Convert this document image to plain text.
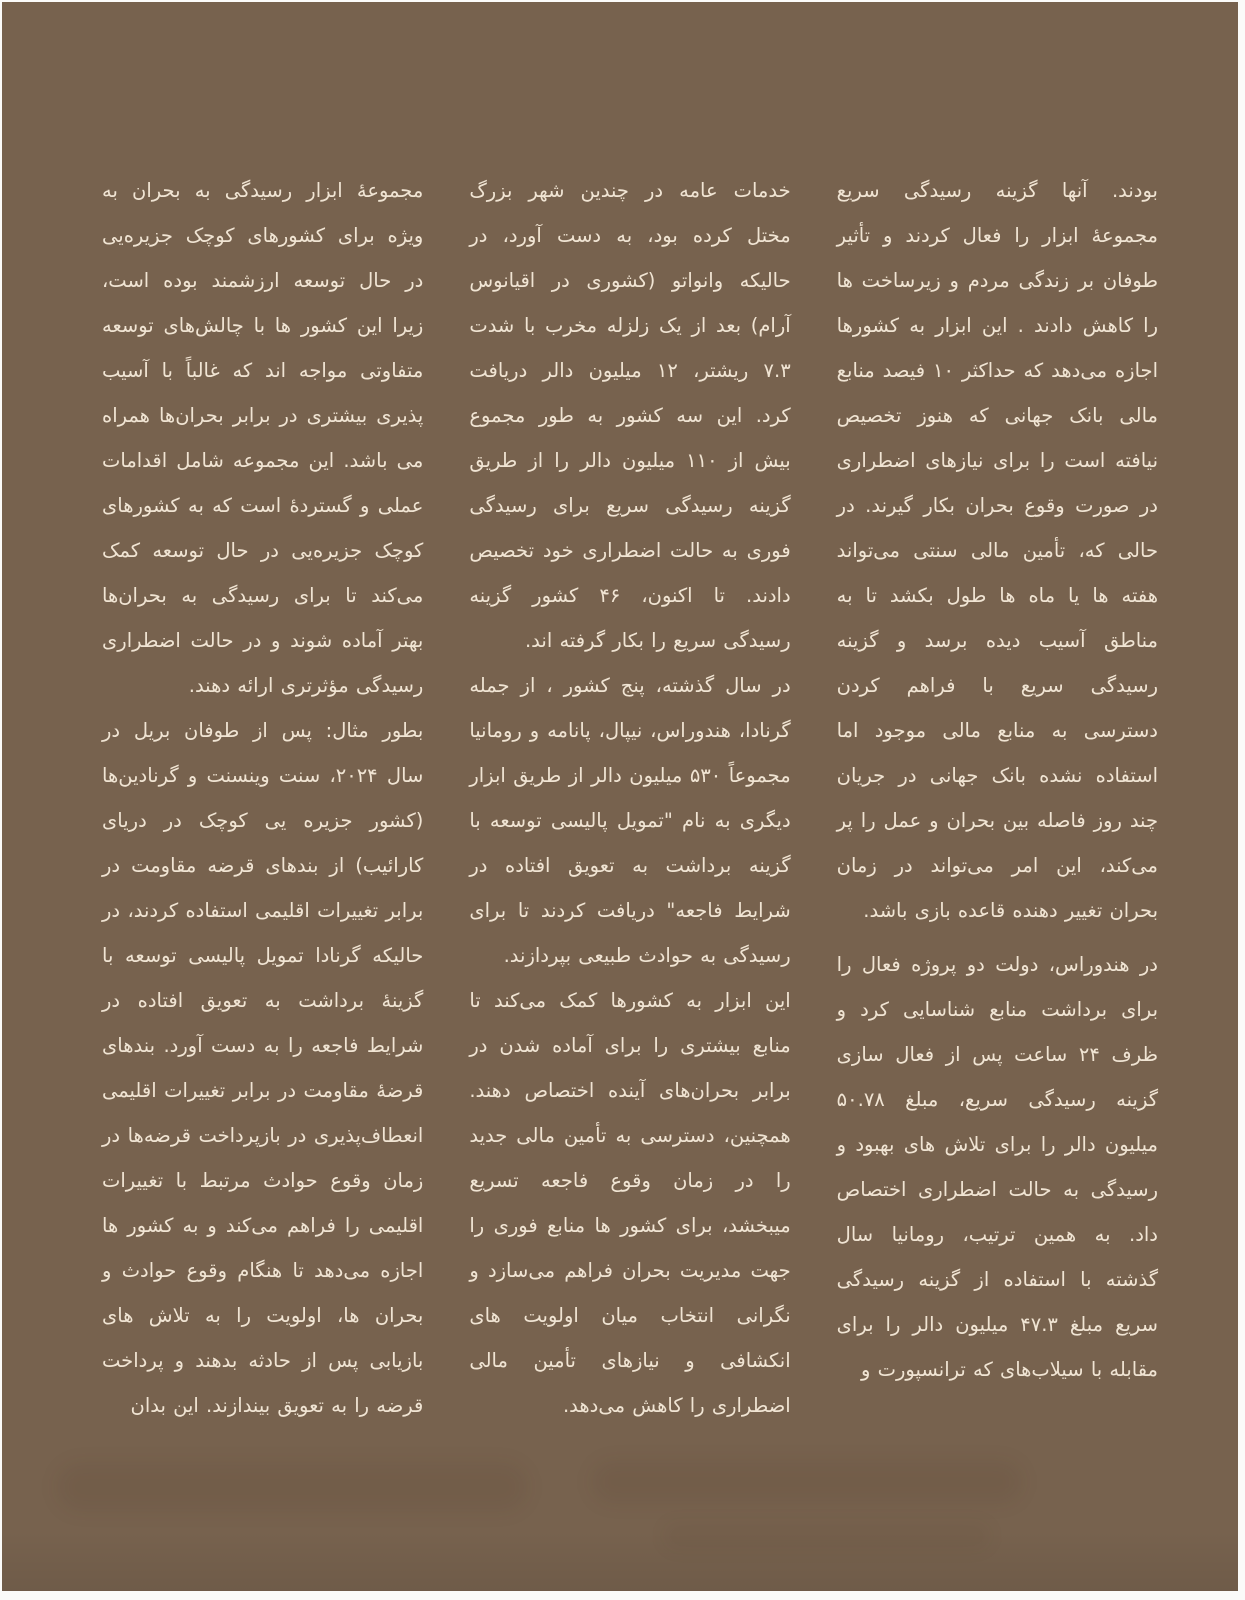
بودند. آنها گزینه رسیدگی سریع مجموعهٔ ابزار را فعال کردند و تأثیر طوفان بر زندگی مردم و زیرساخت ها را کاهش دادند . این ابزار به کشورها اجازه می‌دهد که حداکثر ۱۰ فیصد منابع مالی بانک جهانی که هنوز تخصیص نیافته است را برای نیازهای اضطراری در صورت وقوع بحران بکار گیرند. در حالی که، تأمین مالی سنتی می‌تواند هفته ها یا ماه ها طول بکشد تا به مناطق آسیب دیده برسد و گزینه رسیدگی سریع با فراهم کردن دسترسی به منابع مالی موجود اما استفاده نشده بانک جهانی در جریان چند روز فاصله بین بحران و عمل را پر می‌کند، این امر می‌تواند در زمان بحران تغییر دهنده قاعده بازی باشد.

در هندوراس، دولت دو پروژه فعال را برای برداشت منابع شناسایی کرد و ظرف ۲۴ ساعت پس از فعال سازی گزینه رسیدگی سریع، مبلغ ۵۰.۷۸ میلیون دالر را برای تلاش های بهبود و رسیدگی به حالت اضطراری اختصاص داد. به همین ترتیب، رومانیا سال گذشته با استفاده از گزینه رسیدگی سریع مبلغ ۴۷.۳ میلیون دالر را برای مقابله با سیلاب‌های که ترانسپورت و

خدمات عامه در چندین شهر بزرگ مختل کرده بود، به دست آورد، در حالیکه وانواتو (کشوری در اقیانوس آرام) بعد از یک زلزله مخرب با شدت ۷.۳ ریشتر، ۱۲ میلیون دالر دریافت کرد. این سه کشور به طور مجموع بیش از ۱۱۰ میلیون دالر را از طریق گزینه رسیدگی سریع برای رسیدگی فوری به حالت اضطراری خود تخصیص دادند. تا اکنون، ۴۶ کشور گزینه رسیدگی سریع را بکار گرفته اند.

در سال گذشته، پنج کشور ، از جمله گرنادا، هندوراس، نیپال، پانامه و رومانیا مجموعاً ۵۳۰ میلیون دالر از طریق ابزار دیگری به نام "تمویل پالیسی توسعه با گزینه برداشت به تعویق افتاده در شرایط فاجعه" دریافت کردند تا برای رسیدگی به حوادث طبیعی بپردازند.

این ابزار به کشورها کمک می‌کند تا منابع بیشتری را برای آماده شدن در برابر بحران‌های آینده اختصاص دهند. همچنین، دسترسی به تأمین مالی جدید را در زمان وقوع فاجعه تسریع میبخشد، برای کشور ها منابع فوری را جهت مدیریت بحران فراهم می‌سازد و نگرانی انتخاب میان اولویت های انکشافی و نیازهای تأمین مالی اضطراری را کاهش می‌دهد.

مجموعهٔ ابزار رسیدگی به بحران به ویژه برای کشورهای کوچک جزیره‌یی در حال توسعه ارزشمند بوده است، زیرا این کشور ها با چالش‌های توسعه متفاوتی مواجه اند که غالباً با آسیب پذیری بیشتری در برابر بحران‌ها همراه می باشد. این مجموعه شامل اقدامات عملی و گستردهٔ است که به کشورهای کوچک جزیره‌یی در حال توسعه کمک می‌کند تا برای رسیدگی به بحران‌ها بهتر آماده شوند و در حالت اضطراری رسیدگی مؤثرتری ارائه دهند.

بطور مثال: پس از طوفان بریل در سال ۲۰۲۴، سنت وینسنت و گرنادین‌ها (کشور جزیره یی کوچک در دریای کارائیب) از بندهای قرضه مقاومت در برابر تغییرات اقلیمی استفاده کردند، در حالیکه گرنادا تمویل پالیسی توسعه با گزینهٔ برداشت به تعویق افتاده در شرایط فاجعه را به دست آورد. بندهای قرضهٔ مقاومت در برابر تغییرات اقلیمی انعطاف‌پذیری در بازپرداخت قرضه‌ها در زمان وقوع حوادث مرتبط با تغییرات اقلیمی را فراهم می‌کند و به کشور ها اجازه می‌دهد تا هنگام وقوع حوادث و بحران ها، اولویت را به تلاش های بازیابی پس از حادثه بدهند و پرداخت قرضه را به تعویق بیندازند. این بدان
